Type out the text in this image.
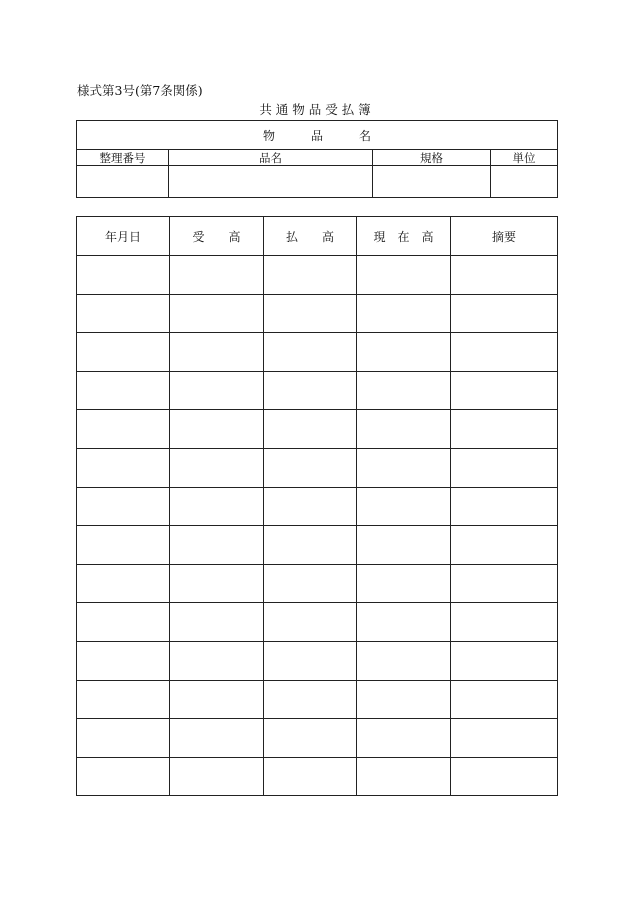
様式第3号(第7条関係)
共 通 物 品 受 払 簿
物　　　品　　　名			
整理番号	品名	規格	単位

年月日	受　　高	払　　高	現　在　高	摘要
